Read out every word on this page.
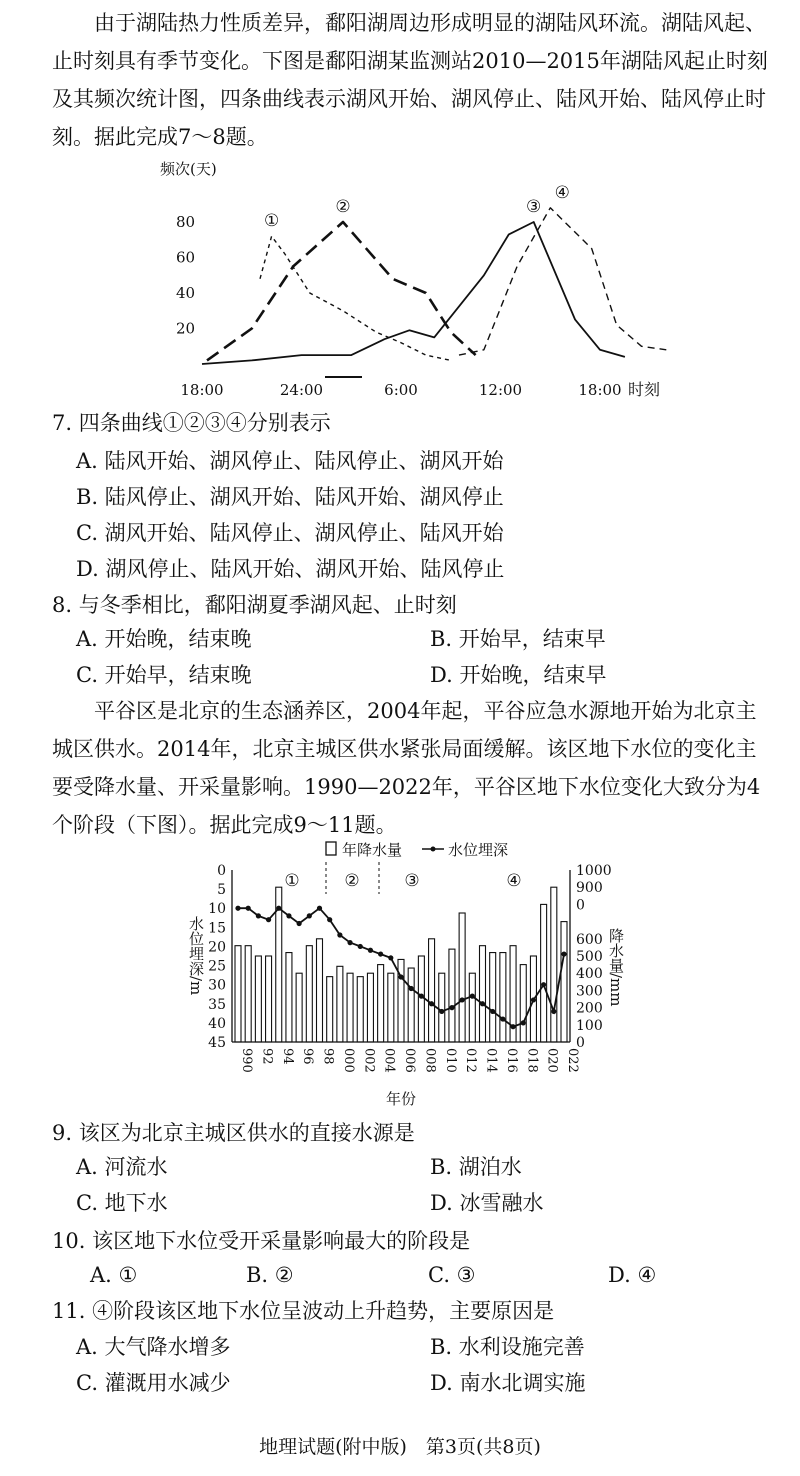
由于湖陆热力性质差异，鄱阳湖周边形成明显的湖陆风环流。湖陆风起、止时刻具有季节变化。下图是鄱阳湖某监测站2010—2015年湖陆风起止时刻及其频次统计图，四条曲线表示湖风开始、湖风停止、陆风开始、陆风停止时刻。据此完成7～8题。
频次(天)
20
40
60
80
18:00	24:00	6:00	12:00	18:00 时刻
①
②	③
④
7. 四条曲线①②③④分别表示
A. 陆风开始、湖风停止、陆风停止、湖风开始
B. 陆风停止、湖风开始、陆风开始、湖风停止
C. 湖风开始、陆风停止、湖风停止、陆风开始
D. 湖风停止、陆风开始、湖风开始、陆风停止
8. 与冬季相比，鄱阳湖夏季湖风起、止时刻
A. 开始晚，结束晚	B. 开始早，结束早
C. 开始早，结束晚	D. 开始晚，结束早
平谷区是北京的生态涵养区，2004年起，平谷应急水源地开始为北京主城区供水。2014年，北京主城区供水紧张局面缓解。该区地下水位的变化主要受降水量、开采量影响。1990—2022年，平谷区地下水位变化大致分为4个阶段（下图）。据此完成9～11题。
年降水量	水位埋深
水位埋深/m	降水量/mm
年份
0
5
10
15
20
25
30
35
40
45
1000
900
0
600
500
400
300
200
100
0
990 92 94 96 98 000 002 004 006 008 010 012 014 016 018 020 022
①	②	③	④
9. 该区为北京主城区供水的直接水源是
A. 河流水	B. 湖泊水
C. 地下水	D. 冰雪融水
10. 该区地下水位受开采量影响最大的阶段是
A. ①	B. ②	C. ③	D. ④
11. ④阶段该区地下水位呈波动上升趋势，主要原因是
A. 大气降水增多	B. 水利设施完善
C. 灌溉用水减少	D. 南水北调实施
地理试题(附中版)　第3页(共8页)
